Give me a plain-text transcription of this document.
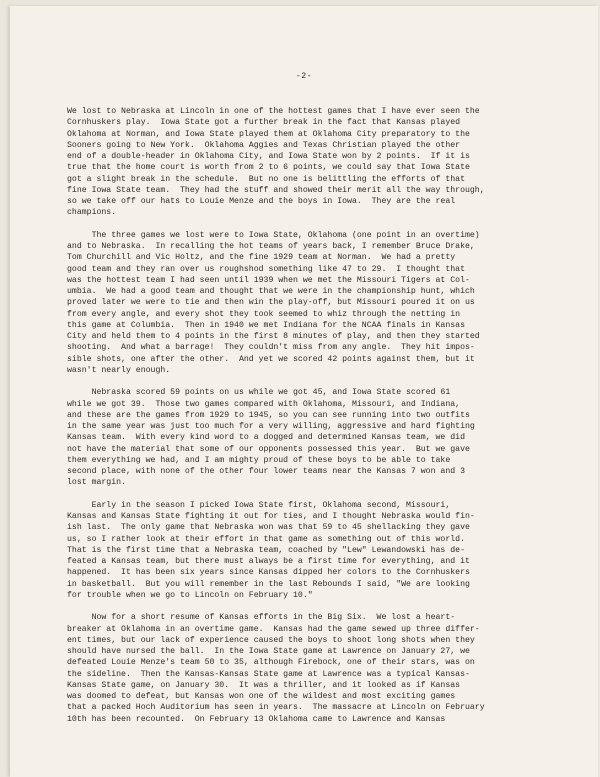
-2-
We lost to Nebraska at Lincoln in one of the hottest games that I have ever seen the
Cornhuskers play.  Iowa State got a further break in the fact that Kansas played
Oklahoma at Norman, and Iowa State played them at Oklahoma City preparatory to the
Sooners going to New York.  Oklahoma Aggies and Texas Christian played the other
end of a double-header in Oklahoma City, and Iowa State won by 2 points.  If it is
true that the home court is worth from 2 to 6 points, we could say that Iowa State
got a slight break in the schedule.  But no one is belittling the efforts of that
fine Iowa State team.  They had the stuff and showed their merit all the way through,
so we take off our hats to Louie Menze and the boys in Iowa.  They are the real
champions.
The three games we lost were to Iowa State, Oklahoma (one point in an overtime)
and to Nebraska.  In recalling the hot teams of years back, I remember Bruce Drake,
Tom Churchill and Vic Holtz, and the fine 1929 team at Norman.  We had a pretty
good team and they ran over us roughshod something like 47 to 29.  I thought that
was the hottest team I had seen until 1939 when we met the Missouri Tigers at Col-
umbia.  We had a good team and thought that we were in the championship hunt, which
proved later we were to tie and then win the play-off, but Missouri poured it on us
from every angle, and every shot they took seemed to whiz through the netting in
this game at Columbia.  Then in 1940 we met Indiana for the NCAA finals in Kansas
City and held them to 4 points in the first 8 minutes of play, and then they started
shooting.  And what a barrage!  They couldn't miss from any angle.  They hit impos-
sible shots, one after the other.  And yet we scored 42 points against them, but it
wasn't nearly enough.
Nebraska scored 59 points on us while we got 45, and Iowa State scored 61
while we got 39.  Those two games compared with Oklahoma, Missouri, and Indiana,
and these are the games from 1929 to 1945, so you can see running into two outfits
in the same year was just too much for a very willing, aggressive and hard fighting
Kansas team.  With every kind word to a dogged and determined Kansas team, we did
not have the material that some of our opponents possessed this year.  But we gave
them everything we had, and I am mighty proud of these boys to be able to take
second place, with none of the other four lower teams near the Kansas 7 won and 3
lost margin.
Early in the season I picked Iowa State first, Oklahoma second, Missouri,
Kansas and Kansas State fighting it out for ties, and I thought Nebraska would fin-
ish last.  The only game that Nebraska won was that 59 to 45 shellacking they gave
us, so I rather look at their effort in that game as something out of this world.
That is the first time that a Nebraska team, coached by "Lew" Lewandowski has de-
feated a Kansas team, but there must always be a first time for everything, and it
happened.  It has been six years since Kansas dipped her colors to the Cornhuskers
in basketball.  But you will remember in the last Rebounds I said, "We are looking
for trouble when we go to Lincoln on February 10."
Now for a short resume of Kansas efforts in the Big Six.  We lost a heart-
breaker at Oklahoma in an overtime game.  Kansas had the game sewed up three differ-
ent times, but our lack of experience caused the boys to shoot long shots when they
should have nursed the ball.  In the Iowa State game at Lawrence on January 27, we
defeated Louie Menze's team 50 to 35, although Firebock, one of their stars, was on
the sideline.  Then the Kansas-Kansas State game at Lawrence was a typical Kansas-
Kansas State game, on January 30.  It was a thriller, and it looked as if Kansas
was doomed to defeat, but Kansas won one of the wildest and most exciting games
that a packed Hoch Auditorium has seen in years.  The massacre at Lincoln on February
10th has been recounted.  On February 13 Oklahoma came to Lawrence and Kansas
